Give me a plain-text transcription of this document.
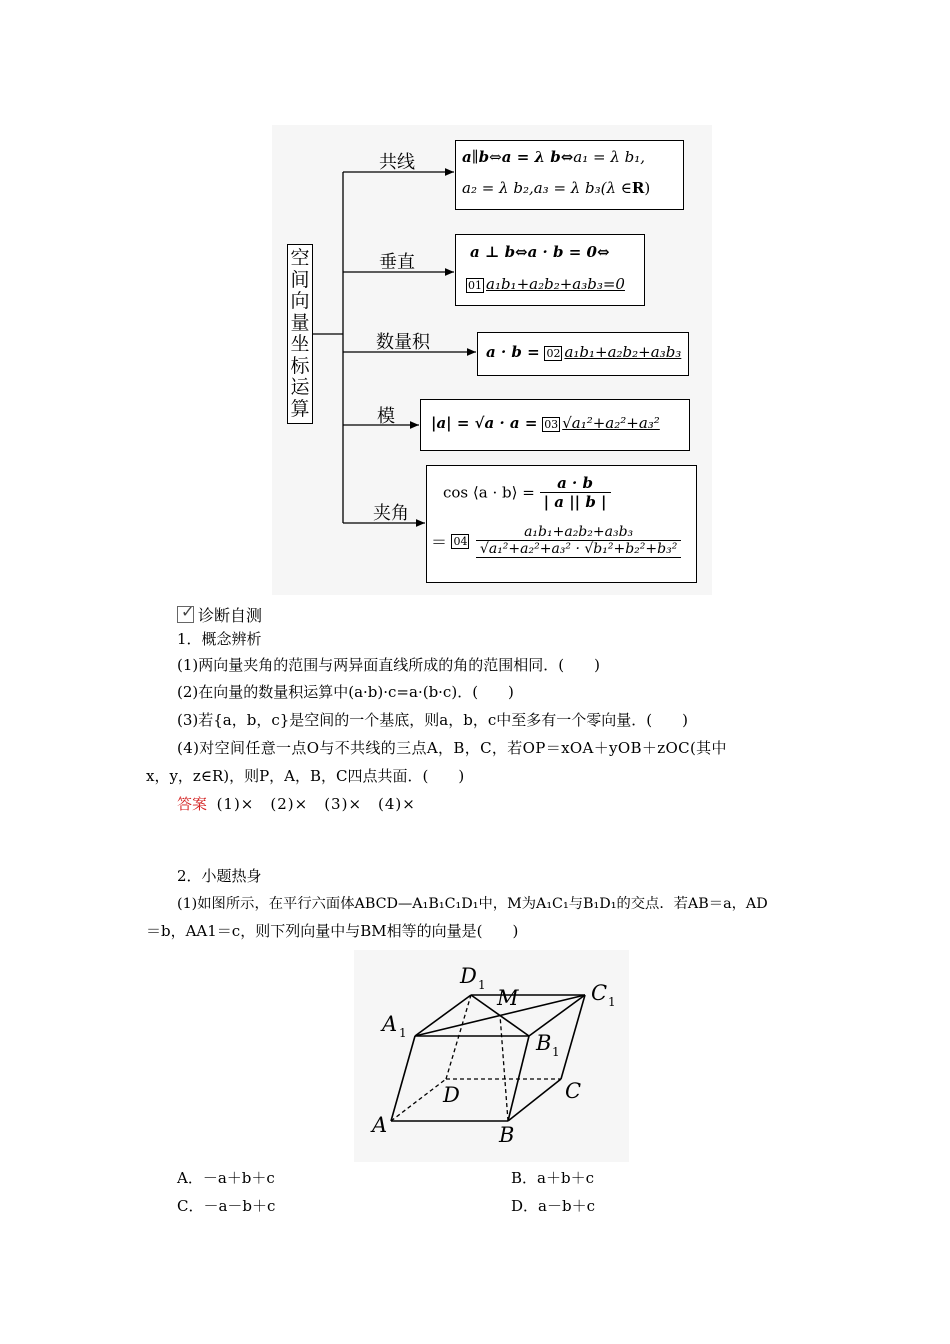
空间向量坐标运算
共线
垂直
数量积
模
夹角
a∥b⇔a = λ b⇔a₁ = λ b₁,
a₂ = λ b₂,a₃ = λ b₃(λ ∈R)
a ⊥ b⇔a · b = 0⇔
01 a₁b₁+a₂b₂+a₃b₃=0
a · b = 02 a₁b₁+a₂b₂+a₃b₃
|a| = √a · a = 03 √a₁²+a₂²+a₃²
cos ⟨a · b⟩ = $\frac{a \cdot b}{| a || b |}$
＝ $04 \frac{\text{a₁b₁+a₂b₂+a₃b₃}}{\text{√a₁²+a₂²+a₃² · √b₁²+b₂²+b₃²}}$
✓ 诊断自测
1．概念辨析
(1)两向量夹角的范围与两异面直线所成的角的范围相同．(　　)
(2)在向量的数量积运算中(a·b)·c=a·(b·c)．(　　)
(3)若{a，b，c}是空间的一个基底，则a，b，c中至多有一个零向量．(　　)
(4)对空间任意一点O与不共线的三点A，B，C，若OP＝xOA＋yOB＋zOC(其中
x，y，z∈R)，则P，A，B，C四点共面．(　　)
答案 (1)×　(2)×　(3)×　(4)×
2．小题热身
(1)如图所示，在平行六面体ABCD—A₁B₁C₁D₁中，M为A₁C₁与B₁D₁的交点．若AB＝a，AD
＝b，AA1＝c，则下列向量中与BM相等的向量是(　　)
A	B
C
D
A
B
C
D
M
1
1
1
1
A．－a＋b＋c	B．a＋b＋c
C．－a－b＋c	D．a－b＋c
